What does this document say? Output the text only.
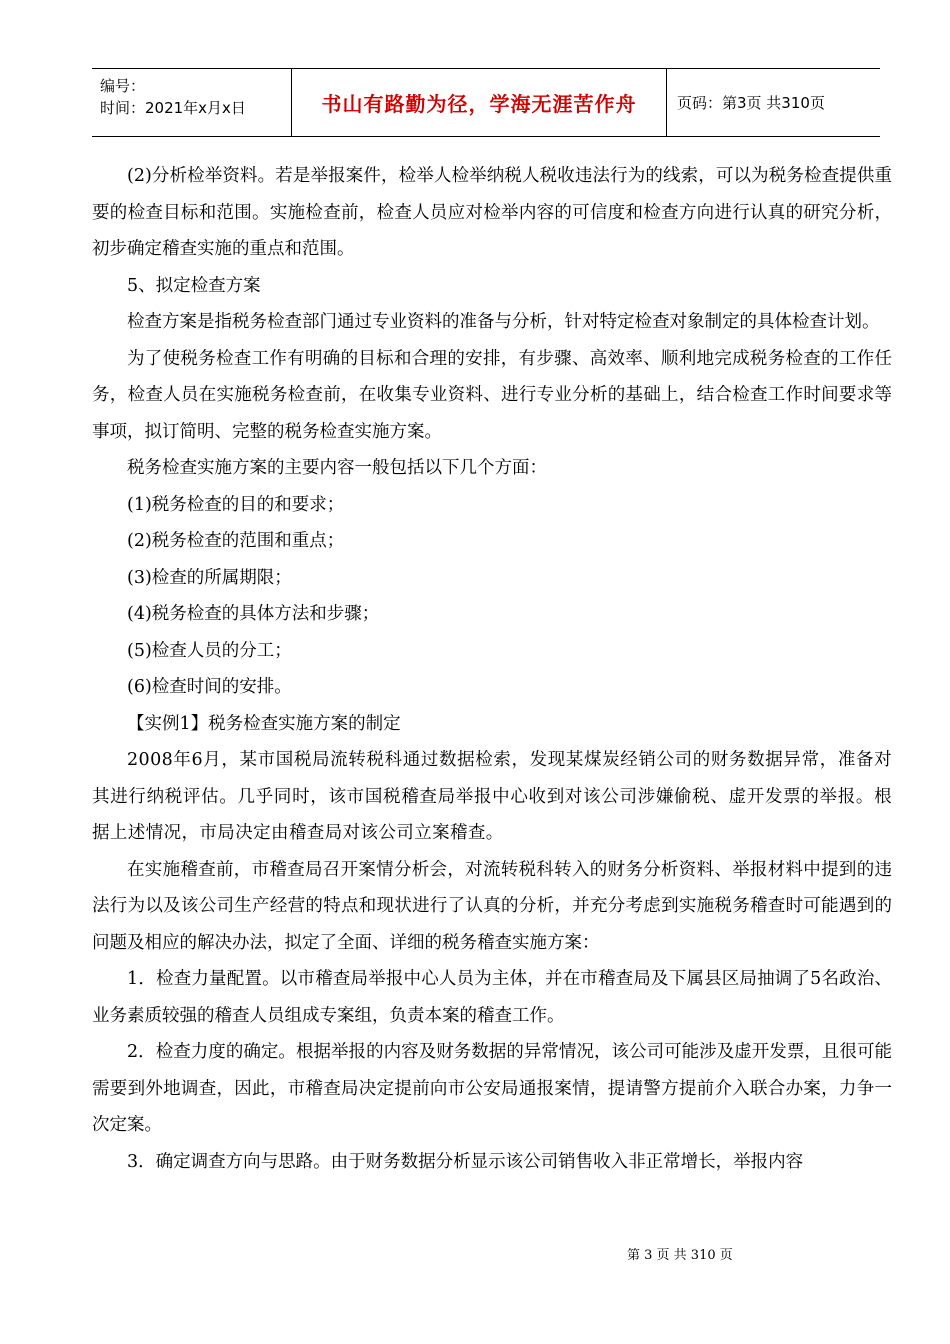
编号：
时间：2021年x月x日	书山有路勤为径，学海无涯苦作舟	页码：第3页 共310页

(2)分析检举资料。若是举报案件，检举人检举纳税人税收违法行为的线索，可以为税务检查提供重要的检查目标和范围。实施检查前，检查人员应对检举内容的可信度和检查方向进行认真的研究分析，初步确定稽查实施的重点和范围。

5、拟定检查方案

检查方案是指税务检查部门通过专业资料的准备与分析，针对特定检查对象制定的具体检查计划。

为了使税务检查工作有明确的目标和合理的安排，有步骤、高效率、顺利地完成税务检查的工作任务，检查人员在实施税务检查前，在收集专业资料、进行专业分析的基础上，结合检查工作时间要求等事项，拟订简明、完整的税务检查实施方案。

税务检查实施方案的主要内容一般包括以下几个方面：

(1)税务检查的目的和要求；

(2)税务检查的范围和重点；

(3)检查的所属期限；

(4)税务检查的具体方法和步骤；

(5)检查人员的分工；

(6)检查时间的安排。

【实例1】税务检查实施方案的制定

2008年6月，某市国税局流转税科通过数据检索，发现某煤炭经销公司的财务数据异常，准备对其进行纳税评估。几乎同时，该市国税稽查局举报中心收到对该公司涉嫌偷税、虚开发票的举报。根据上述情况，市局决定由稽查局对该公司立案稽查。

在实施稽查前，市稽查局召开案情分析会，对流转税科转入的财务分析资料、举报材料中提到的违法行为以及该公司生产经营的特点和现状进行了认真的分析，并充分考虑到实施税务稽查时可能遇到的问题及相应的解决办法，拟定了全面、详细的税务稽查实施方案：

1．检查力量配置。以市稽查局举报中心人员为主体，并在市稽查局及下属县区局抽调了5名政治、业务素质较强的稽查人员组成专案组，负责本案的稽查工作。

2．检查力度的确定。根据举报的内容及财务数据的异常情况，该公司可能涉及虚开发票，且很可能需要到外地调查，因此，市稽查局决定提前向市公安局通报案情，提请警方提前介入联合办案，力争一次定案。

3．确定调查方向与思路。由于财务数据分析显示该公司销售收入非正常增长，举报内容

第 3 页 共 310 页
